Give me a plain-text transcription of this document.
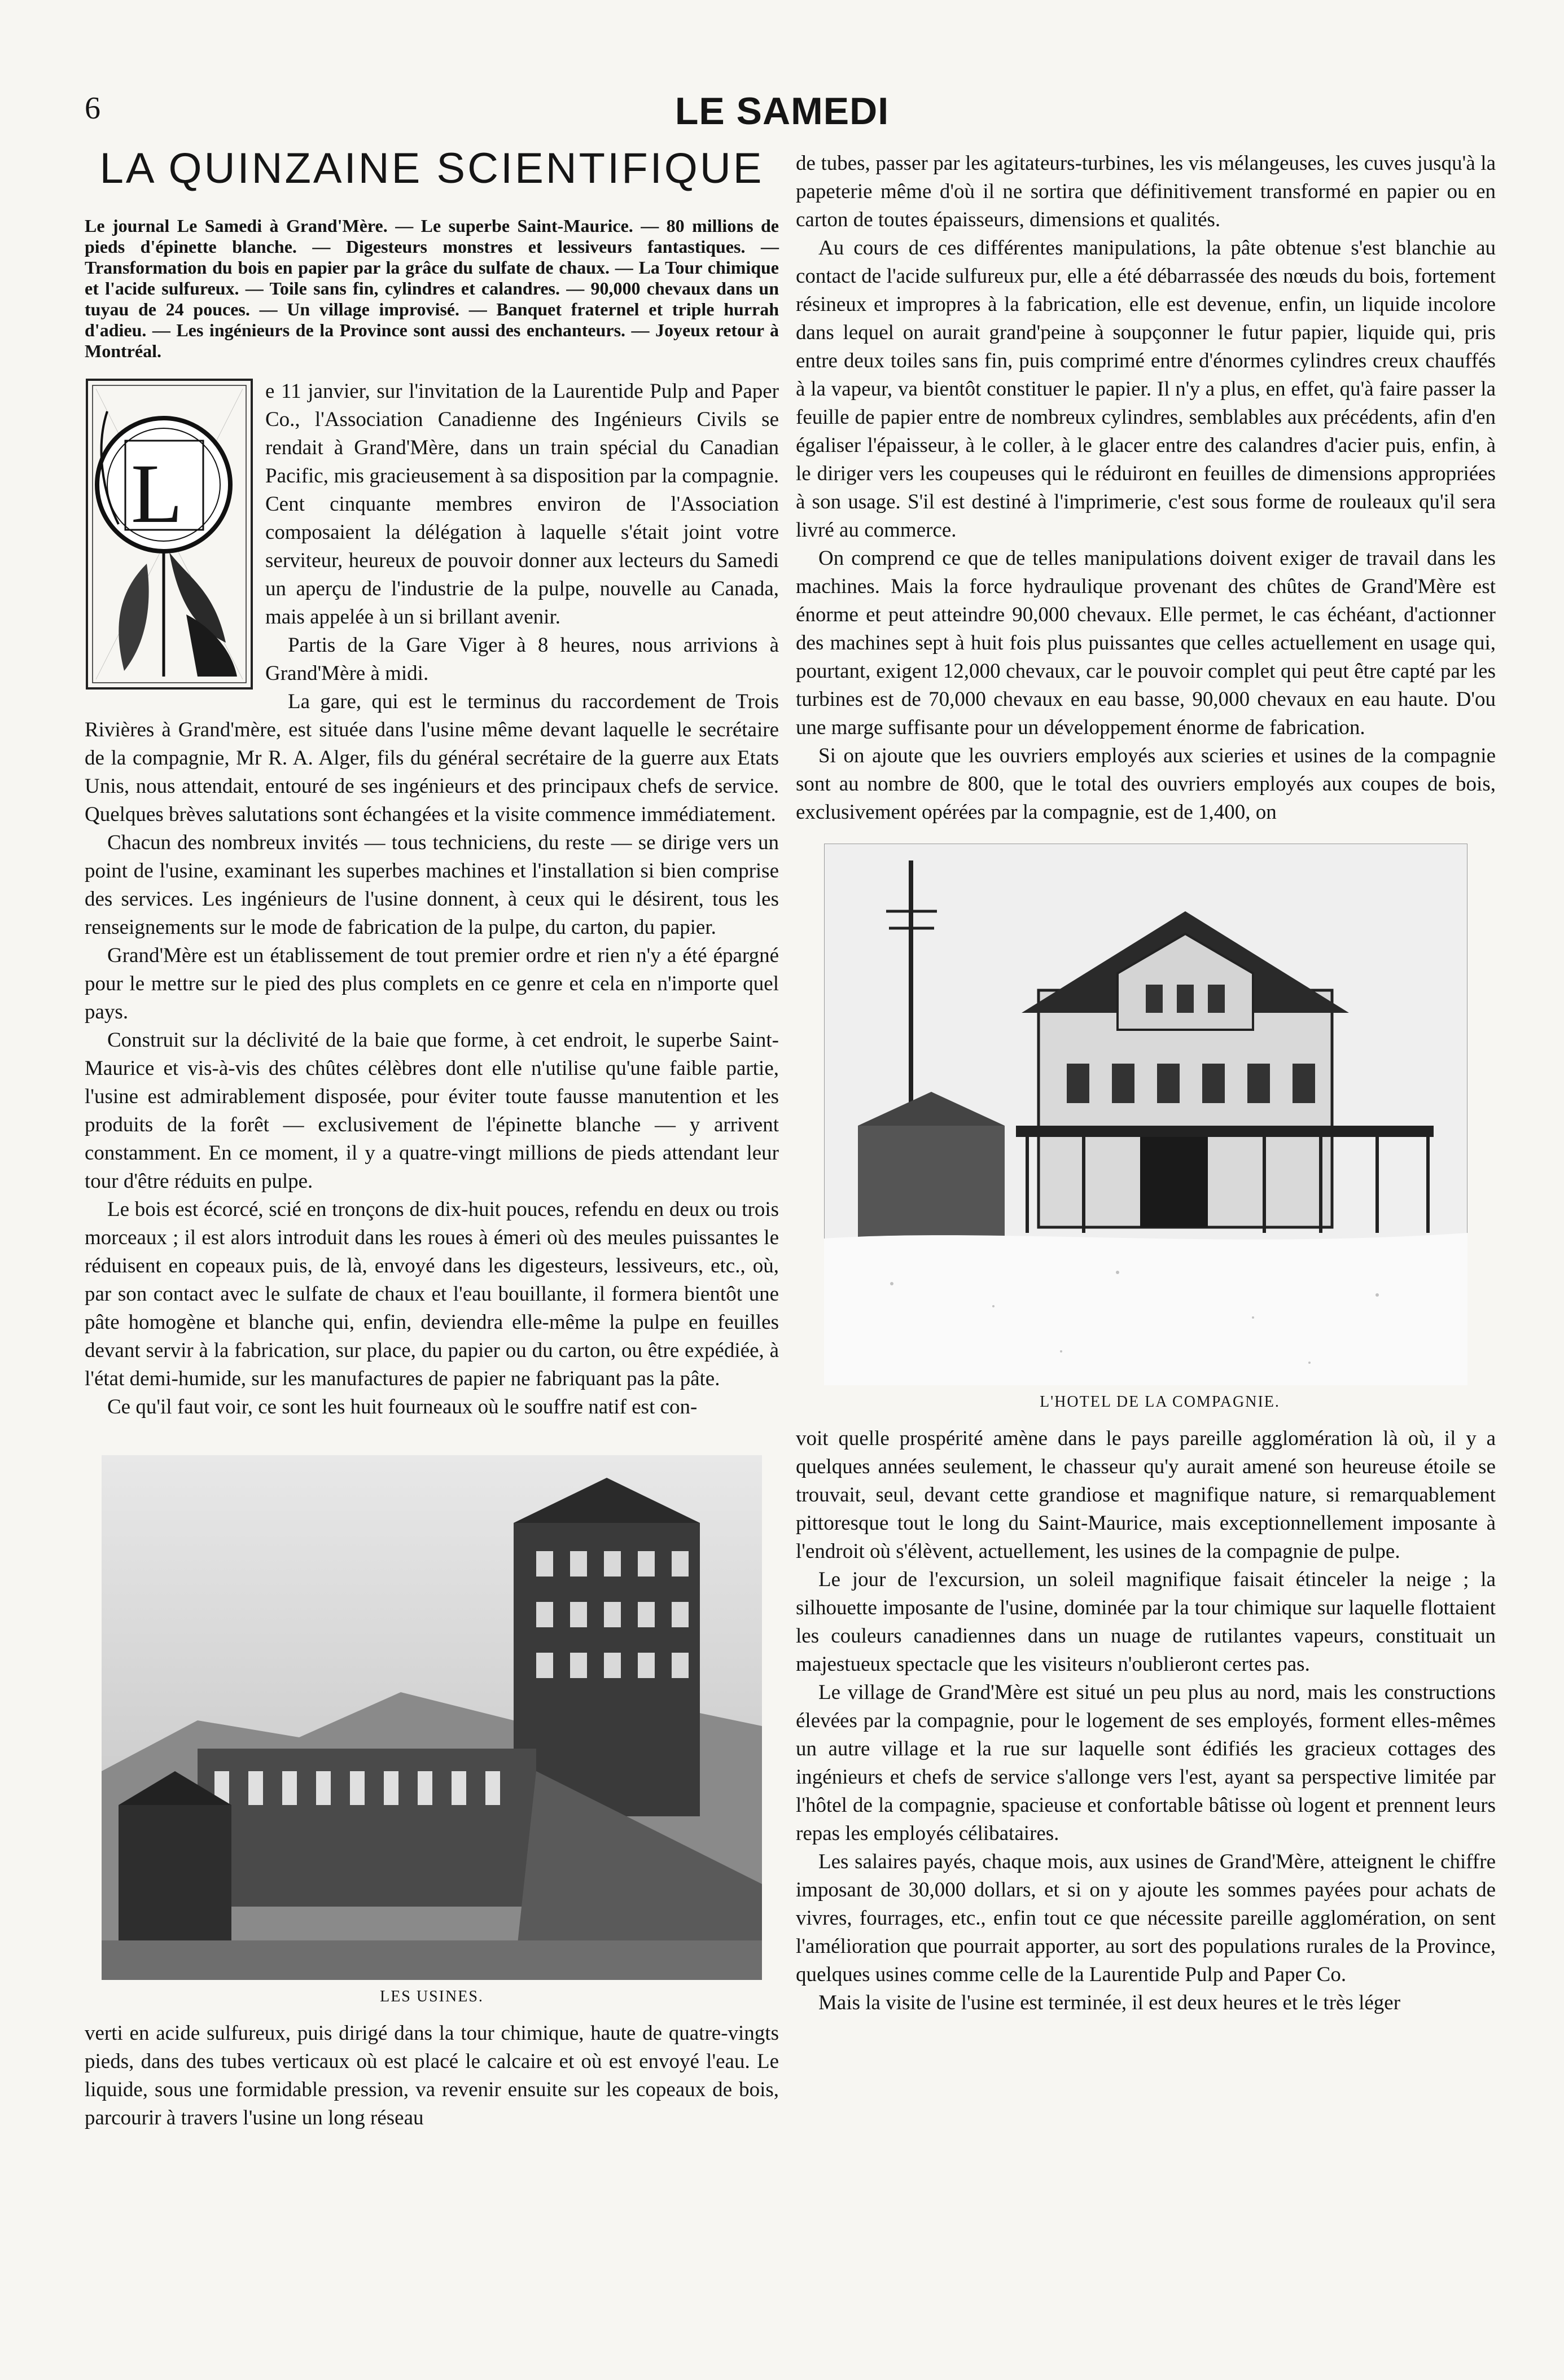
6	LE SAMEDI
LA QUINZAINE SCIENTIFIQUE
Le journal Le Samedi à Grand'Mère. — Le superbe Saint-Maurice. — 80 millions de pieds d'épinette blanche. — Digesteurs monstres et lessiveurs fantastiques. — Transformation du bois en papier par la grâce du sulfate de chaux. — La Tour chimique et l'acide sulfureux. — Toile sans fin, cylindres et calandres. — 90,000 chevaux dans un tuyau de 24 pouces. — Un village improvisé. — Banquet fraternel et triple hurrah d'adieu. — Les ingénieurs de la Province sont aussi des enchanteurs. — Joyeux retour à Montréal.
L

e 11 janvier, sur l'invitation de la Laurentide Pulp and Paper Co., l'Association Canadienne des Ingénieurs Civils se rendait à Grand'Mère, dans un train spécial du Canadian Pacific, mis gracieusement à sa disposition par la compagnie. Cent cinquante membres environ de l'Association composaient la délégation à laquelle s'était joint votre serviteur, heureux de pouvoir donner aux lecteurs du Samedi un aperçu de l'industrie de la pulpe, nouvelle au Canada, mais appelée à un si brillant avenir.

Partis de la Gare Viger à 8 heures, nous arrivions à Grand'Mère à midi.

La gare, qui est le terminus du raccordement de Trois Rivières à Grand'mère, est située dans l'usine même devant laquelle le secrétaire de la compagnie, Mr R. A. Alger, fils du général secrétaire de la guerre aux Etats Unis, nous attendait, entouré de ses ingénieurs et des principaux chefs de service. Quelques brèves salutations sont échangées et la visite commence immédiatement.

Chacun des nombreux invités — tous techniciens, du reste — se dirige vers un point de l'usine, examinant les superbes machines et l'installation si bien comprise des services. Les ingénieurs de l'usine donnent, à ceux qui le désirent, tous les renseignements sur le mode de fabrication de la pulpe, du carton, du papier.

Grand'Mère est un établissement de tout premier ordre et rien n'y a été épargné pour le mettre sur le pied des plus complets en ce genre et cela en n'importe quel pays.

Construit sur la déclivité de la baie que forme, à cet endroit, le superbe Saint-Maurice et vis-à-vis des chûtes célèbres dont elle n'utilise qu'une faible partie, l'usine est admirablement disposée, pour éviter toute fausse manutention et les produits de la forêt — exclusivement de l'épinette blanche — y arrivent constamment. En ce moment, il y a quatre-vingt millions de pieds attendant leur tour d'être réduits en pulpe.

Le bois est écorcé, scié en tronçons de dix-huit pouces, refendu en deux ou trois morceaux ; il est alors introduit dans les roues à émeri où des meules puissantes le réduisent en copeaux puis, de là, envoyé dans les digesteurs, lessiveurs, etc., où, par son contact avec le sulfate de chaux et l'eau bouillante, il formera bientôt une pâte homogène et blanche qui, enfin, deviendra elle-même la pulpe en feuilles devant servir à la fabrication, sur place, du papier ou du carton, ou être expédiée, à l'état demi-humide, sur les manufactures de papier ne fabriquant pas la pâte.

Ce qu'il faut voir, ce sont les huit fourneaux où le souffre natif est con-

LES USINES.

verti en acide sulfureux, puis dirigé dans la tour chimique, haute de quatre-vingts pieds, dans des tubes verticaux où est placé le calcaire et où est envoyé l'eau. Le liquide, sous une formidable pression, va revenir ensuite sur les copeaux de bois, parcourir à travers l'usine un long réseau

de tubes, passer par les agitateurs-turbines, les vis mélangeuses, les cuves jusqu'à la papeterie même d'où il ne sortira que définitivement transformé en papier ou en carton de toutes épaisseurs, dimensions et qualités.

Au cours de ces différentes manipulations, la pâte obtenue s'est blanchie au contact de l'acide sulfureux pur, elle a été débarrassée des nœuds du bois, fortement résineux et impropres à la fabrication, elle est devenue, enfin, un liquide incolore dans lequel on aurait grand'peine à soupçonner le futur papier, liquide qui, pris entre deux toiles sans fin, puis comprimé entre d'énormes cylindres creux chauffés à la vapeur, va bientôt constituer le papier. Il n'y a plus, en effet, qu'à faire passer la feuille de papier entre de nombreux cylindres, semblables aux précédents, afin d'en égaliser l'épaisseur, à le coller, à le glacer entre des calandres d'acier puis, enfin, à le diriger vers les coupeuses qui le réduiront en feuilles de dimensions appropriées à son usage. S'il est destiné à l'imprimerie, c'est sous forme de rouleaux qu'il sera livré au commerce.

On comprend ce que de telles manipulations doivent exiger de travail dans les machines. Mais la force hydraulique provenant des chûtes de Grand'Mère est énorme et peut atteindre 90,000 chevaux. Elle permet, le cas échéant, d'actionner des machines sept à huit fois plus puissantes que celles actuellement en usage qui, pourtant, exigent 12,000 chevaux, car le pouvoir complet qui peut être capté par les turbines est de 70,000 chevaux en eau basse, 90,000 chevaux en eau haute. D'ou une marge suffisante pour un développement énorme de fabrication.

Si on ajoute que les ouvriers employés aux scieries et usines de la compagnie sont au nombre de 800, que le total des ouvriers employés aux coupes de bois, exclusivement opérées par la compagnie, est de 1,400, on

L'HOTEL DE LA COMPAGNIE.

voit quelle prospérité amène dans le pays pareille agglomération là où, il y a quelques années seulement, le chasseur qu'y aurait amené son heureuse étoile se trouvait, seul, devant cette grandiose et magnifique nature, si remarquablement pittoresque tout le long du Saint-Maurice, mais exceptionnellement imposante à l'endroit où s'élèvent, actuellement, les usines de la compagnie de pulpe.

Le jour de l'excursion, un soleil magnifique faisait étinceler la neige ; la silhouette imposante de l'usine, dominée par la tour chimique sur laquelle flottaient les couleurs canadiennes dans un nuage de rutilantes vapeurs, constituait un majestueux spectacle que les visiteurs n'oublieront certes pas.

Le village de Grand'Mère est situé un peu plus au nord, mais les constructions élevées par la compagnie, pour le logement de ses employés, forment elles-mêmes un autre village et la rue sur laquelle sont édifiés les gracieux cottages des ingénieurs et chefs de service s'allonge vers l'est, ayant sa perspective limitée par l'hôtel de la compagnie, spacieuse et confortable bâtisse où logent et prennent leurs repas les employés célibataires.

Les salaires payés, chaque mois, aux usines de Grand'Mère, atteignent le chiffre imposant de 30,000 dollars, et si on y ajoute les sommes payées pour achats de vivres, fourrages, etc., enfin tout ce que nécessite pareille agglomération, on sent l'amélioration que pourrait apporter, au sort des populations rurales de la Province, quelques usines comme celle de la Laurentide Pulp and Paper Co.

Mais la visite de l'usine est terminée, il est deux heures et le très léger
